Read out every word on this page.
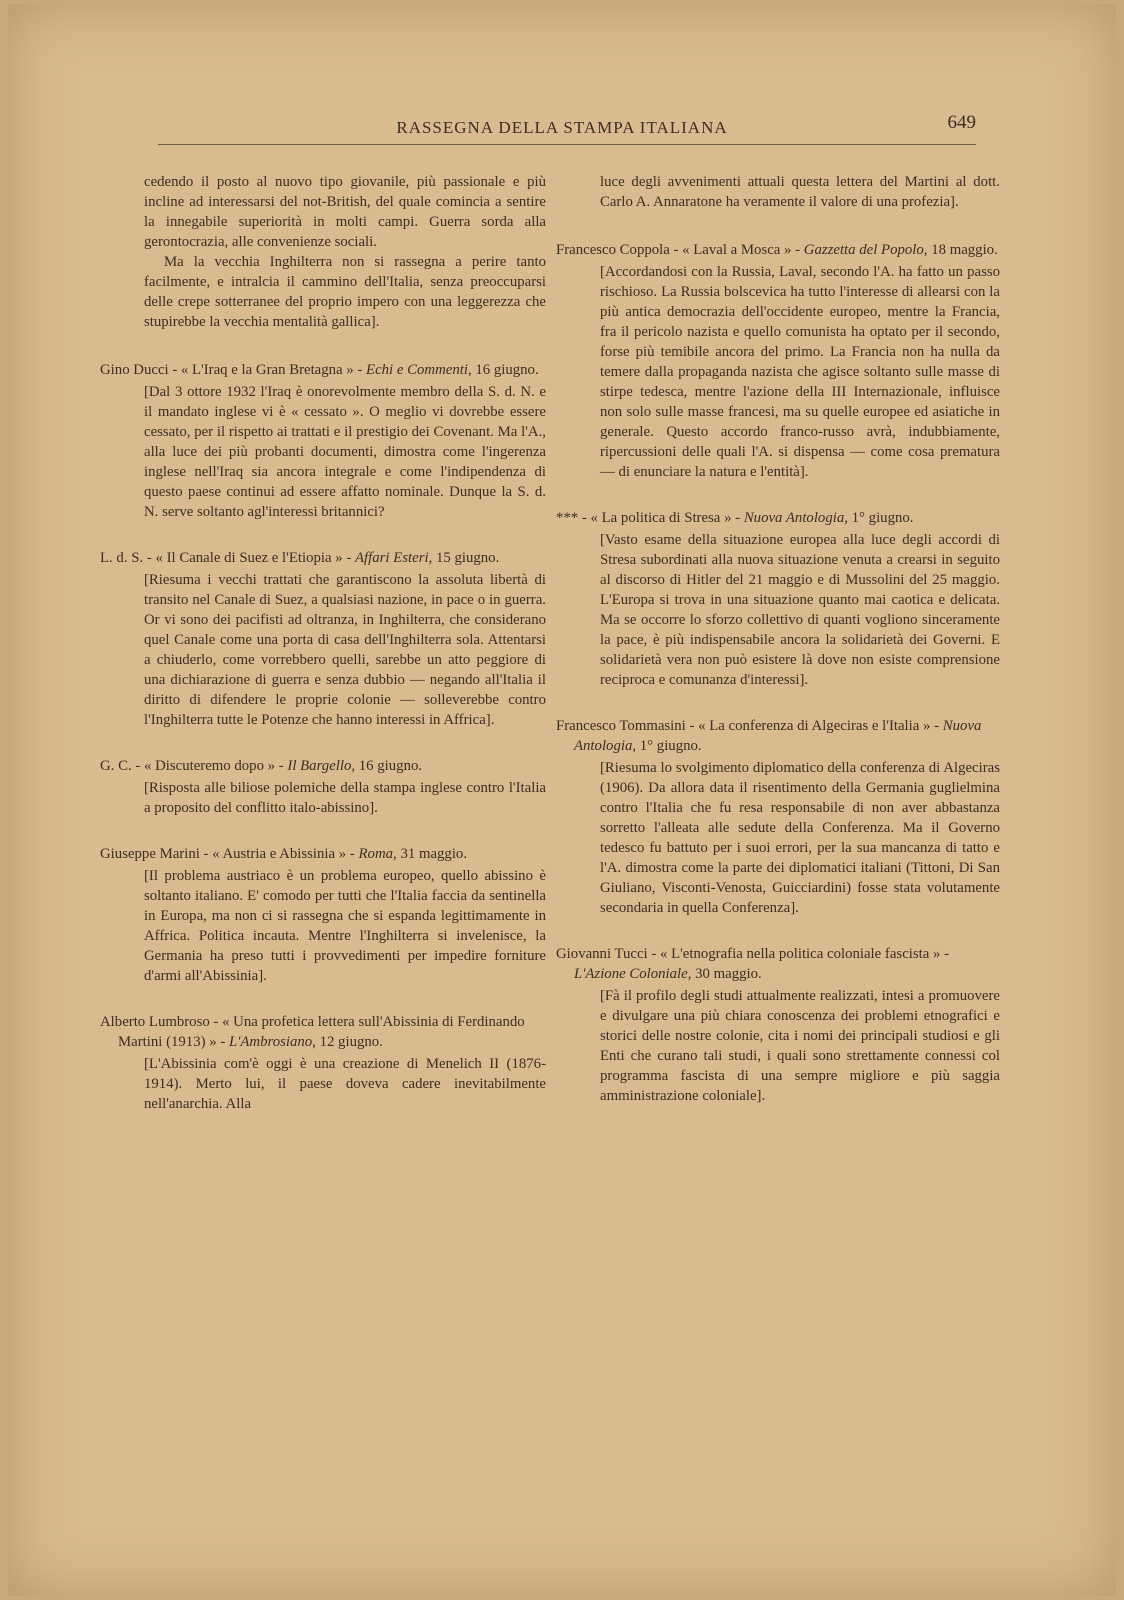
RASSEGNA DELLA STAMPA ITALIANA	649

cedendo il posto al nuovo tipo giovanile, più passionale e più incline ad interessarsi del not-British, del quale comincia a sentire la innegabile superiorità in molti campi. Guerra sorda alla gerontocrazia, alle convenienze sociali.

Ma la vecchia Inghilterra non si rassegna a perire tanto facilmente, e intralcia il cammino dell'Italia, senza preoccuparsi delle crepe sotterranee del proprio impero con una leggerezza che stupirebbe la vecchia mentalità gallica].

Gino Ducci - « L'Iraq e la Gran Bretagna » - Echi e Commenti, 16 giugno.
[Dal 3 ottore 1932 l'Iraq è onorevolmente membro della S. d. N. e il mandato inglese vi è « cessato ». O meglio vi dovrebbe essere cessato, per il rispetto ai trattati e il prestigio dei Covenant. Ma l'A., alla luce dei più probanti documenti, dimostra come l'ingerenza inglese nell'Iraq sia ancora integrale e come l'indipendenza di questo paese continui ad essere affatto nominale. Dunque la S. d. N. serve soltanto agl'interessi britannici?
L. d. S. - « Il Canale di Suez e l'Etiopia » - Affari Esteri, 15 giugno.
[Riesuma i vecchi trattati che garantiscono la assoluta libertà di transito nel Canale di Suez, a qualsiasi nazione, in pace o in guerra. Or vi sono dei pacifisti ad oltranza, in Inghilterra, che considerano quel Canale come una porta di casa dell'Inghilterra sola. Attentarsi a chiuderlo, come vorrebbero quelli, sarebbe un atto peggiore di una dichiarazione di guerra e senza dubbio — negando all'Italia il diritto di difendere le proprie colonie — solleverebbe contro l'Inghilterra tutte le Potenze che hanno interessi in Affrica].
G. C. - « Discuteremo dopo » - Il Bargello, 16 giugno.
[Risposta alle biliose polemiche della stampa inglese contro l'Italia a proposito del conflitto italo-abissino].
Giuseppe Marini - « Austria e Abissinia » - Roma, 31 maggio.
[Il problema austriaco è un problema europeo, quello abissino è soltanto italiano. E' comodo per tutti che l'Italia faccia da sentinella in Europa, ma non ci si rassegna che si espanda legittimamente in Affrica. Politica incauta. Mentre l'Inghilterra si invelenisce, la Germania ha preso tutti i provvedimenti per impedire forniture d'armi all'Abissinia].
Alberto Lumbroso - « Una profetica lettera sull'Abissinia di Ferdinando Martini (1913) » - L'Ambrosiano, 12 giugno.
[L'Abissinia com'è oggi è una creazione di Menelich II (1876-1914). Merto lui, il paese doveva cadere inevitabilmente nell'anarchia. Alla
luce degli avvenimenti attuali questa lettera del Martini al dott. Carlo A. Annaratone ha veramente il valore di una profezia].
Francesco Coppola - « Laval a Mosca » - Gazzetta del Popolo, 18 maggio.
[Accordandosi con la Russia, Laval, secondo l'A. ha fatto un passo rischioso. La Russia bolscevica ha tutto l'interesse di allearsi con la più antica democrazia dell'occidente europeo, mentre la Francia, fra il pericolo nazista e quello comunista ha optato per il secondo, forse più temibile ancora del primo. La Francia non ha nulla da temere dalla propaganda nazista che agisce soltanto sulle masse di stirpe tedesca, mentre l'azione della III Internazionale, influisce non solo sulle masse francesi, ma su quelle europee ed asiatiche in generale. Questo accordo franco-russo avrà, indubbiamente, ripercussioni delle quali l'A. si dispensa — come cosa prematura — di enunciare la natura e l'entità].
*** - « La politica di Stresa » - Nuova Antologia, 1° giugno.
[Vasto esame della situazione europea alla luce degli accordi di Stresa subordinati alla nuova situazione venuta a crearsi in seguito al discorso di Hitler del 21 maggio e di Mussolini del 25 maggio. L'Europa si trova in una situazione quanto mai caotica e delicata. Ma se occorre lo sforzo collettivo di quanti vogliono sinceramente la pace, è più indispensabile ancora la solidarietà dei Governi. E solidarietà vera non può esistere là dove non esiste comprensione reciproca e comunanza d'interessi].
Francesco Tommasini - « La conferenza di Algeciras e l'Italia » - Nuova Antologia, 1° giugno.
[Riesuma lo svolgimento diplomatico della conferenza di Algeciras (1906). Da allora data il risentimento della Germania guglielmina contro l'Italia che fu resa responsabile di non aver abbastanza sorretto l'alleata alle sedute della Conferenza. Ma il Governo tedesco fu battuto per i suoi errori, per la sua mancanza di tatto e l'A. dimostra come la parte dei diplomatici italiani (Tittoni, Di San Giuliano, Visconti-Venosta, Guicciardini) fosse stata volutamente secondaria in quella Conferenza].
Giovanni Tucci - « L'etnografia nella politica coloniale fascista » - L'Azione Coloniale, 30 maggio.
[Fà il profilo degli studi attualmente realizzati, intesi a promuovere e divulgare una più chiara conoscenza dei problemi etnografici e storici delle nostre colonie, cita i nomi dei principali studiosi e gli Enti che curano tali studi, i quali sono strettamente connessi col programma fascista di una sempre migliore e più saggia amministrazione coloniale].
